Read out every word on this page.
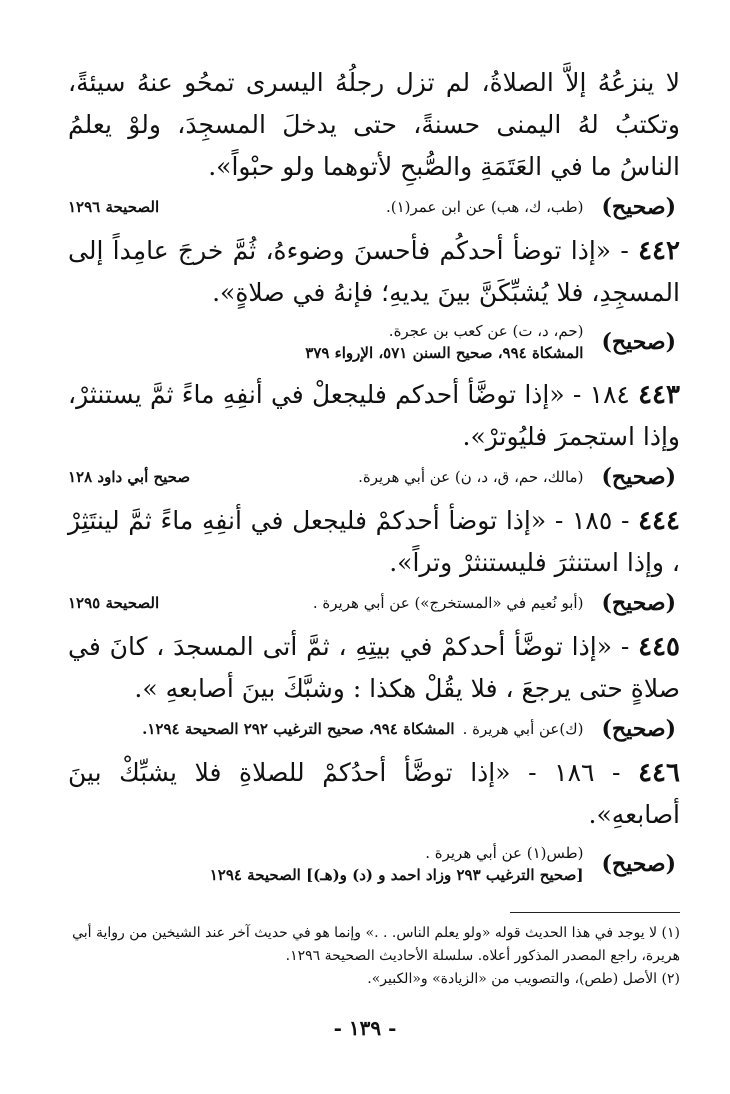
لا ينزعُهُ إلاَّ الصلاةُ، لم تزل رجلُهُ اليسرى تمحُو عنهُ سيئةً، وتكتبُ لهُ اليمنى حسنةً، حتى يدخلَ المسجِدَ، ولوْ يعلمُ الناسُ ما في العَتَمَةِ والصُّبحِ لأتوهما ولو حبْواً».

(صحيح)
(طب، ك، هب) عن ابن عمر(١).
الصحيحة ١٢٩٦

٤٤٢ - «إذا توضأ أحدكُم فأحسنَ وضوءهُ، ثُمَّ خرجَ عامِداً إلى المسجِدِ، فلا يُشبِّكَنَّ بينَ يديهِ؛ فإنهُ في صلاةٍ».

(صحيح)
(حم، د، ت) عن كعب بن عجرة.
المشكاة ٩٩٤، صحيح السنن ٥٧١، الإرواء ٣٧٩

٤٤٣ ١٨٤ - «إذا توضَّأ أحدكم فليجعلْ في أنفِهِ ماءً ثمَّ يستنثرْ، وإذا استجمرَ فليُوترْ».

(صحيح)
(مالك، حم، ق، د، ن) عن أبي هريرة.
صحيح أبي داود ١٢٨

٤٤٤ - ١٨٥ - «إذا توضأ أحدكمْ فليجعل في أنفِهِ ماءً ثمَّ لينتَثِرْ ، وإذا استنثرَ فليستنثرْ وتراً».

(صحيح)
(أبو نُعيم في «المستخرج») عن أبي هريرة .
الصحيحة ١٢٩٥

٤٤٥ - «إذا توضَّأ أحدكمْ في بيتِهِ ، ثمَّ أتى المسجدَ ، كانَ في صلاةٍ حتى يرجعَ ، فلا يقُلْ هكذا : وشبَّكَ بينَ أصابعهِ ».

(صحيح)
(ك)عن أبي هريرة .
المشكاة ٩٩٤، صحيح الترغيب ٢٩٢ الصحيحة ١٢٩٤.

٤٤٦ - ١٨٦ - «إذا توضَّأ أحدُكمْ للصلاةِ فلا يشبِّكْ بينَ أصابعهِ».

(صحيح)
(طس(١) عن أبي هريرة .
[صحيح الترغيب ٢٩٣ وزاد احمد و (د) و(هـ)] الصحيحة ١٢٩٤
(١) لا يوجد في هذا الحديث قوله «ولو يعلم الناس. . .» وإنما هو في حديث آخر عند الشيخين من رواية أبي هريرة، راجع المصدر المذكور أعلاه. سلسلة الأحاديث الصحيحة ١٢٩٦.
(٢) الأصل (طص)، والتصويب من «الزيادة» و«الكبير».
- ١٣٩ -
